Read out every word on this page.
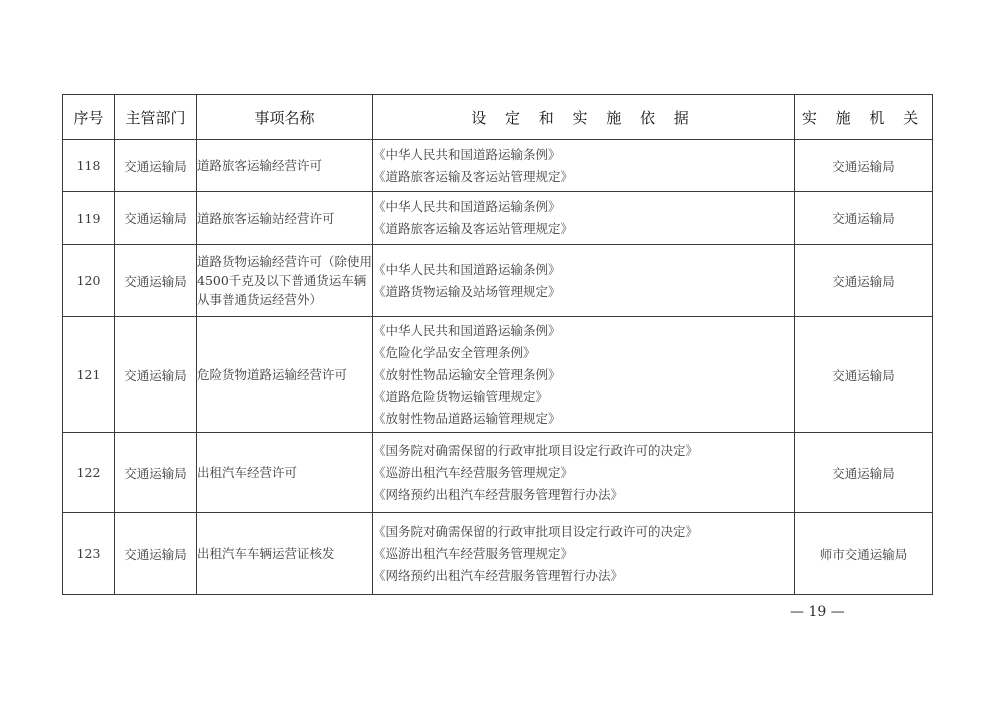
序号	主管部门	事项名称	设 定 和 实 施 依 据	实 施 机 关
118	交通运输局	道路旅客运输经营许可	《中华人民共和国道路运输条例》
《道路旅客运输及客运站管理规定》	交通运输局
119	交通运输局	道路旅客运输站经营许可	《中华人民共和国道路运输条例》
《道路旅客运输及客运站管理规定》	交通运输局
120	交通运输局	道路货物运输经营许可（除使用4500千克及以下普通货运车辆从事普通货运经营外）	《中华人民共和国道路运输条例》
《道路货物运输及站场管理规定》	交通运输局
121	交通运输局	危险货物道路运输经营许可	《中华人民共和国道路运输条例》
《危险化学品安全管理条例》
《放射性物品运输安全管理条例》
《道路危险货物运输管理规定》
《放射性物品道路运输管理规定》	交通运输局
122	交通运输局	出租汽车经营许可	《国务院对确需保留的行政审批项目设定行政许可的决定》
《巡游出租汽车经营服务管理规定》
《网络预约出租汽车经营服务管理暂行办法》	交通运输局
123	交通运输局	出租汽车车辆运营证核发	《国务院对确需保留的行政审批项目设定行政许可的决定》
《巡游出租汽车经营服务管理规定》
《网络预约出租汽车经营服务管理暂行办法》	师市交通运输局
— 19 —
